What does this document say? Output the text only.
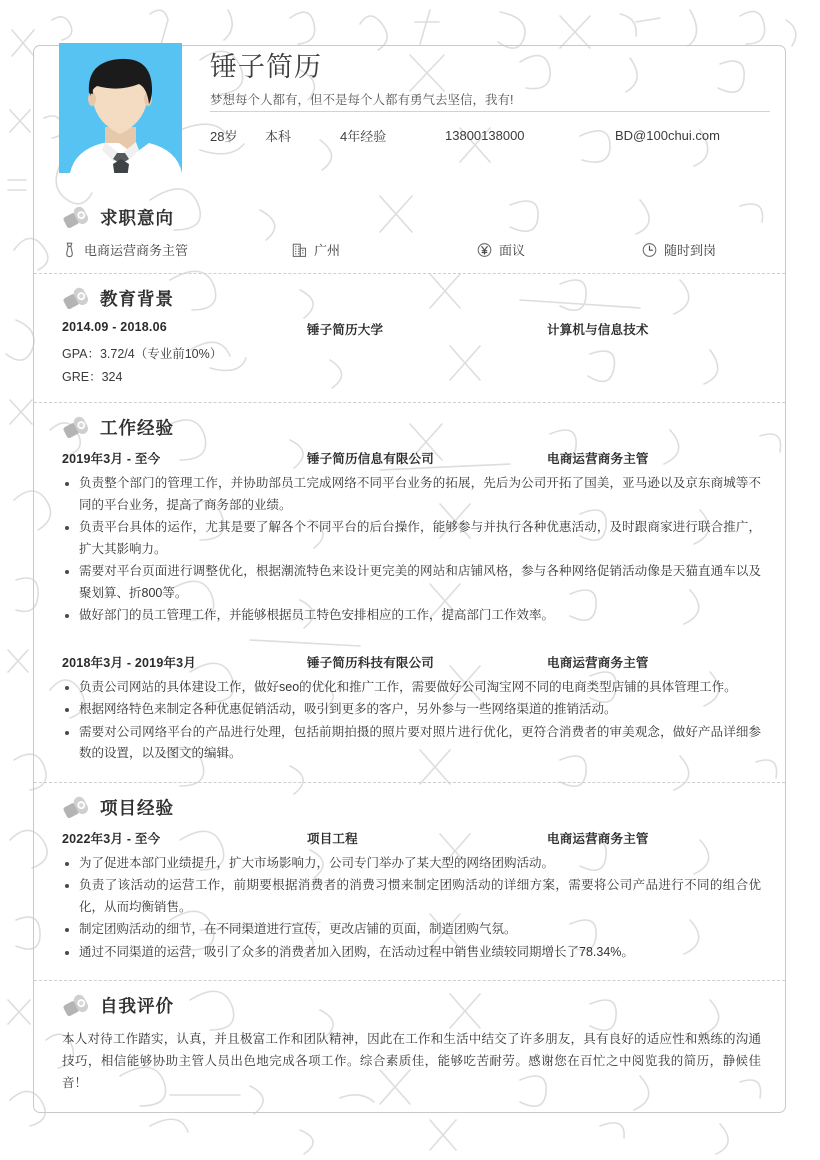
锤子简历

梦想每个人都有，但不是每个人都有勇气去坚信，我有!

28岁	本科	4年经验	13800138000	BD@100chui.com
求职意向
电商运营商务主管	广州	面议	随时到岗
教育背景
2014.09 - 2018.06	锤子简历大学	计算机与信息技术
GPA：3.72/4（专业前10%）
GRE：324
工作经验
2019年3月 - 至今	锤子简历信息有限公司	电商运营商务主管
负责整个部门的管理工作，并协助部员工完成网络不同平台业务的拓展，先后为公司开拓了国美，亚马逊以及京东商城等不同的平台业务，提高了商务部的业绩。
负责平台具体的运作，尤其是要了解各个不同平台的后台操作，能够参与并执行各种优惠活动，及时跟商家进行联合推广，扩大其影响力。
需要对平台页面进行调整优化，根据潮流特色来设计更完美的网站和店铺风格，参与各种网络促销活动像是天猫直通车以及聚划算、折800等。
做好部门的员工管理工作，并能够根据员工特色安排相应的工作，提高部门工作效率。
2018年3月 - 2019年3月	锤子简历科技有限公司	电商运营商务主管
负责公司网站的具体建设工作，做好seo的优化和推广工作，需要做好公司淘宝网不同的电商类型店铺的具体管理工作。
根据网络特色来制定各种优惠促销活动，吸引到更多的客户，另外参与一些网络渠道的推销活动。
需要对公司网络平台的产品进行处理，包括前期拍摄的照片要对照片进行优化，更符合消费者的审美观念，做好产品详细参数的设置，以及图文的编辑。
项目经验
2022年3月 - 至今	项目工程	电商运营商务主管
为了促进本部门业绩提升，扩大市场影响力，公司专门举办了某大型的网络团购活动。
负责了该活动的运营工作，前期要根据消费者的消费习惯来制定团购活动的详细方案，需要将公司产品进行不同的组合优化，从而均衡销售。
制定团购活动的细节，在不同渠道进行宣传，更改店铺的页面，制造团购气氛。
通过不同渠道的运营，吸引了众多的消费者加入团购，在活动过程中销售业绩较同期增长了78.34%。
自我评价
本人对待工作踏实，认真，并且极富工作和团队精神，因此在工作和生活中结交了许多朋友，具有良好的适应性和熟练的沟通技巧，相信能够协助主管人员出色地完成各项工作。综合素质佳，能够吃苦耐劳。感谢您在百忙之中阅览我的简历，静候佳音！
